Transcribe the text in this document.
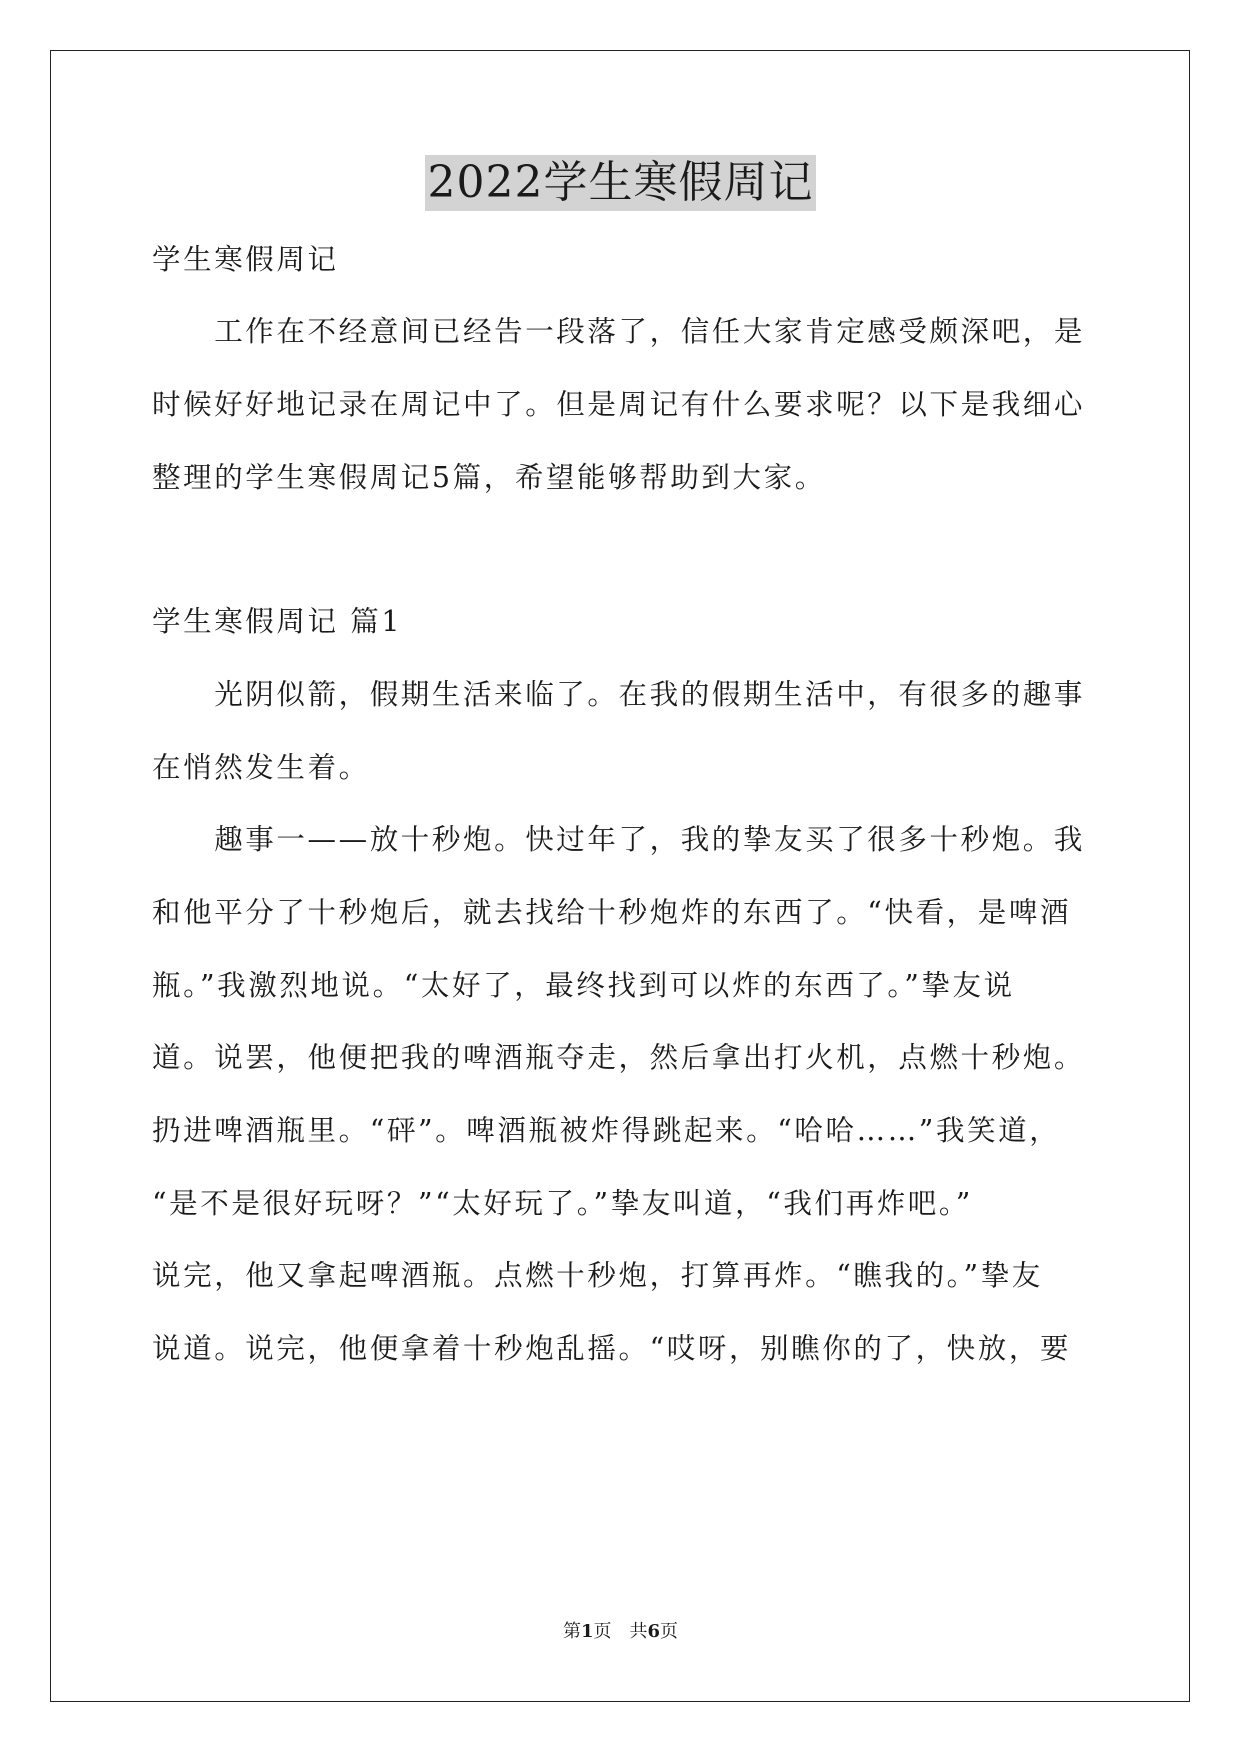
2022学生寒假周记
学生寒假周记
　　工作在不经意间已经告一段落了，信任大家肯定感受颇深吧，是
时候好好地记录在周记中了。但是周记有什么要求呢？以下是我细心
整理的学生寒假周记5篇，希望能够帮助到大家。
学生寒假周记 篇1
　　光阴似箭，假期生活来临了。在我的假期生活中，有很多的趣事
在悄然发生着。
　　趣事一——放十秒炮。快过年了，我的挚友买了很多十秒炮。我
和他平分了十秒炮后，就去找给十秒炮炸的东西了。“快看，是啤酒
瓶。”我激烈地说。“太好了，最终找到可以炸的东西了。”挚友说
道。说罢，他便把我的啤酒瓶夺走，然后拿出打火机，点燃十秒炮。
扔进啤酒瓶里。“砰”。啤酒瓶被炸得跳起来。“哈哈……”我笑道，
“是不是很好玩呀？”“太好玩了。”挚友叫道，“我们再炸吧。”
说完，他又拿起啤酒瓶。点燃十秒炮，打算再炸。“瞧我的。”挚友
说道。说完，他便拿着十秒炮乱摇。“哎呀，别瞧你的了，快放，要
第1页　共6页
